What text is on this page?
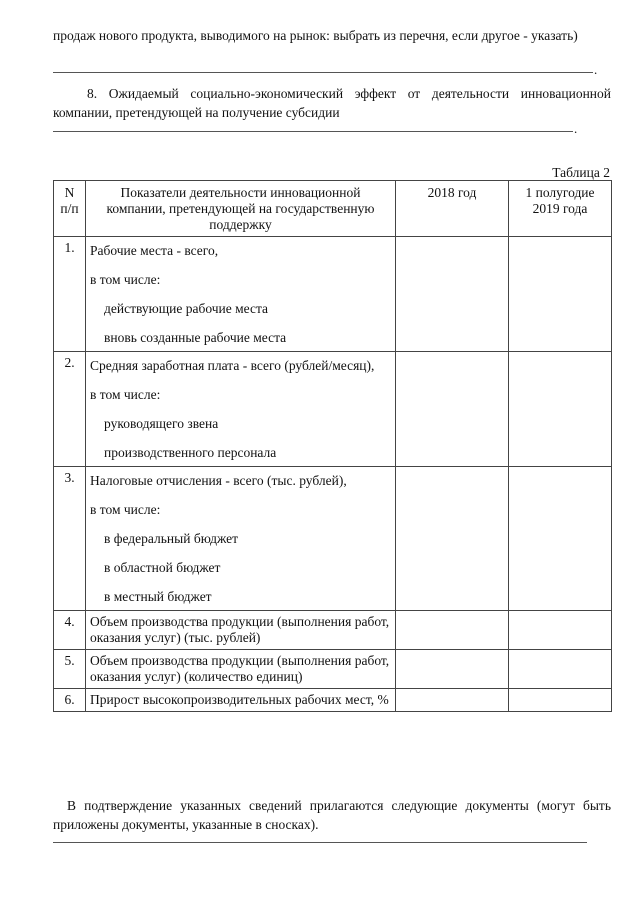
продаж нового продукта, выводимого на рынок: выбрать из перечня, если другое - указать)
.
8. Ожидаемый социально-экономический эффект от деятельности инновационной компании, претендующей на получение субсидии
.
Таблица 2
N п/п	Показатели деятельности инновационной компании, претендующей на государственную поддержку	2018 год	1 полугодие 2019 года
1.	Рабочие места - всего,
в том числе:
действующие рабочие места
вновь созданные рабочие места		

2.	Средняя заработная плата - всего (рублей/месяц),
в том числе:
руководящего звена
производственного персонала		

3.	Налоговые отчисления - всего (тыс. рублей),
в том числе:
в федеральный бюджет
в областной бюджет
в местный бюджет		

4.	Объем производства продукции (выполнения работ, оказания услуг) (тыс. рублей)		
5.	Объем производства продукции (выполнения работ, оказания услуг) (количество единиц)		
6.	Прирост высокопроизводительных рабочих мест, %		
В подтверждение указанных сведений прилагаются следующие документы (могут быть приложены документы, указанные в сносках).
